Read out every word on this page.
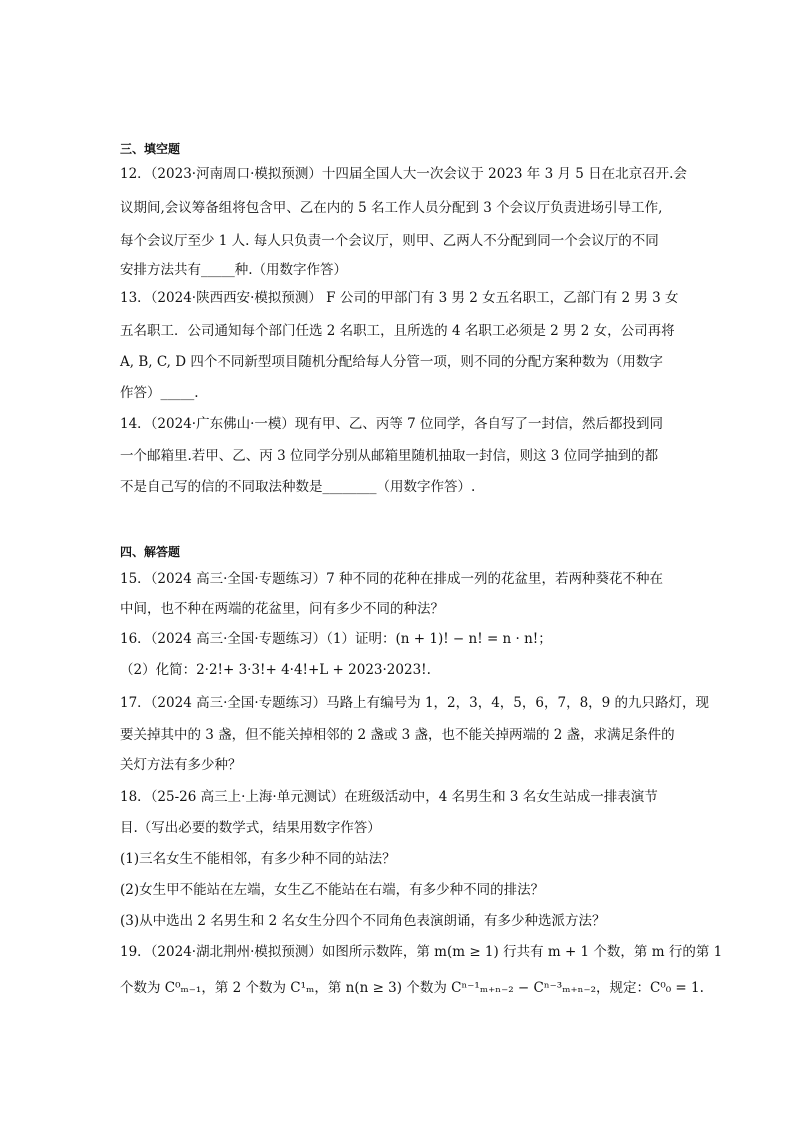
三、填空题
12．（2023·河南周口·模拟预测）十四届全国人大一次会议于 2023 年 3 月 5 日在北京召开.会
议期间,会议筹备组将包含甲、乙在内的 5 名工作人员分配到 3 个会议厅负责进场引导工作,
每个会议厅至少 1 人. 每人只负责一个会议厅，则甲、乙两人不分配到同一个会议厅的不同
安排方法共有_____种.（用数字作答）
13．（2024·陕西西安·模拟预测） F 公司的甲部门有 3 男 2 女五名职工，乙部门有 2 男 3 女
五名职工．公司通知每个部门任选 2 名职工，且所选的 4 名职工必须是 2 男 2 女，公司再将
A, B, C, D 四个不同新型项目随机分配给每人分管一项，则不同的分配方案种数为（用数字
作答）_____.
14．（2024·广东佛山·一模）现有甲、乙、丙等 7 位同学，各自写了一封信，然后都投到同
一个邮箱里.若甲、乙、丙 3 位同学分别从邮箱里随机抽取一封信，则这 3 位同学抽到的都
不是自己写的信的不同取法种数是________（用数字作答）.
四、解答题
15．（2024 高三·全国·专题练习）7 种不同的花种在排成一列的花盆里，若两种葵花不种在
中间，也不种在两端的花盆里，问有多少不同的种法？
16．（2024 高三·全国·专题练习）（1）证明：(n + 1)! − n! = n · n!；
（2）化简：2·2!+ 3·3!+ 4·4!+L + 2023·2023!.
17．（2024 高三·全国·专题练习）马路上有编号为 1，2，3，4，5，6，7，8，9 的九只路灯，现
要关掉其中的 3 盏，但不能关掉相邻的 2 盏或 3 盏，也不能关掉两端的 2 盏，求满足条件的
关灯方法有多少种？
18．（25-26 高三上·上海·单元测试）在班级活动中，4 名男生和 3 名女生站成一排表演节
目.（写出必要的数学式，结果用数字作答）
(1)三名女生不能相邻，有多少种不同的站法？
(2)女生甲不能站在左端，女生乙不能站在右端，有多少种不同的排法？
(3)从中选出 2 名男生和 2 名女生分四个不同角色表演朗诵，有多少种选派方法？
19．（2024·湖北荆州·模拟预测）如图所示数阵，第 m(m ≥ 1) 行共有 m + 1 个数，第 m 行的第 1
个数为 C⁰ₘ₋₁，第 2 个数为 C¹ₘ，第 n(n ≥ 3) 个数为 Cⁿ⁻¹ₘ₊ₙ₋₂ − Cⁿ⁻³ₘ₊ₙ₋₂，规定：C⁰₀ = 1.
